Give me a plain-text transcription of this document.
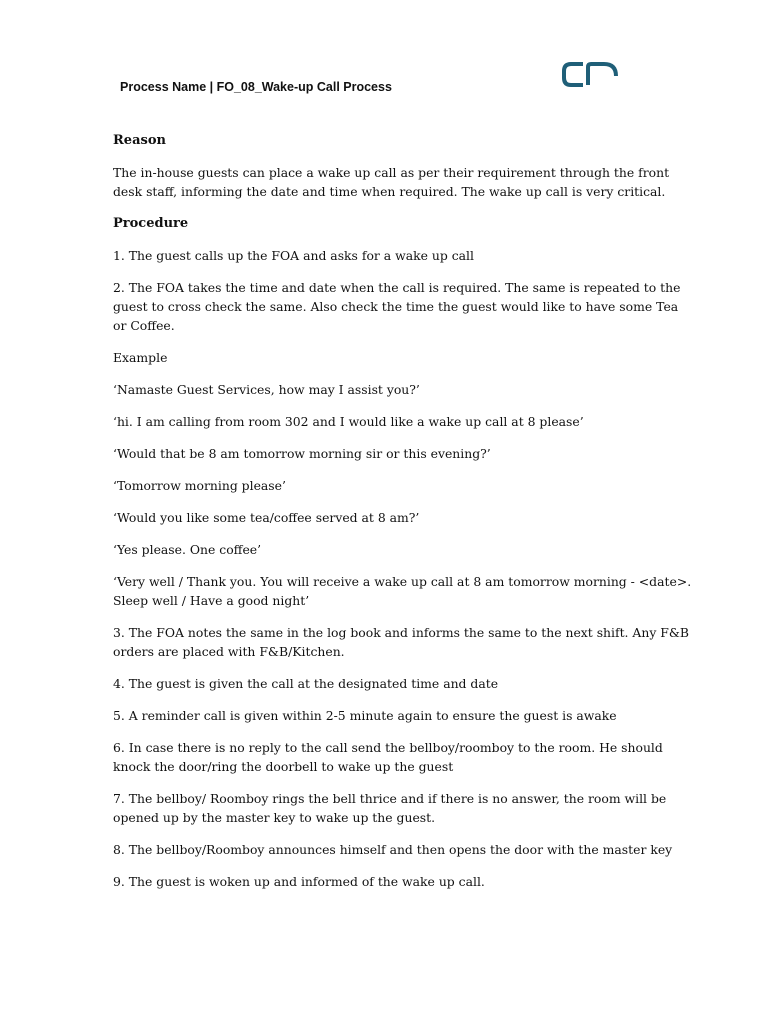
Process Name | FO_08_Wake-up Call Process
Reason

The in-house guests can place a wake up call as per their requirement through the front desk staff, informing the date and time when required. The wake up call is very critical.

Procedure
1. The guest calls up the FOA and asks for a wake up call
2. The FOA takes the time and date when the call is required. The same is repeated to the guest to cross check the same. Also check the time the guest would like to have some Tea or Coffee.

Example

‘Namaste Guest Services, how may I assist you?’

‘hi. I am calling from room 302 and I would like a wake up call at 8 please’

‘Would that be 8 am tomorrow morning sir or this evening?’

‘Tomorrow morning please’

‘Would you like some tea/coffee served at 8 am?’

‘Yes please. One coffee’

‘Very well / Thank you. You will receive a wake up call at 8 am tomorrow morning - <date>. Sleep well / Have a good night’

3. The FOA notes the same in the log book and informs the same to the next shift. Any F&B orders are placed with F&B/Kitchen.
4. The guest is given the call at the designated time and date
5. A reminder call is given within 2-5 minute again to ensure the guest is awake
6. In case there is no reply to the call send the bellboy/roomboy to the room. He should knock the door/ring the doorbell to wake up the guest
7. The bellboy/ Roomboy rings the bell thrice and if there is no answer, the room will be opened up by the master key to wake up the guest.
8. The bellboy/Roomboy announces himself and then opens the door with the master key
9. The guest is woken up and informed of the wake up call.
